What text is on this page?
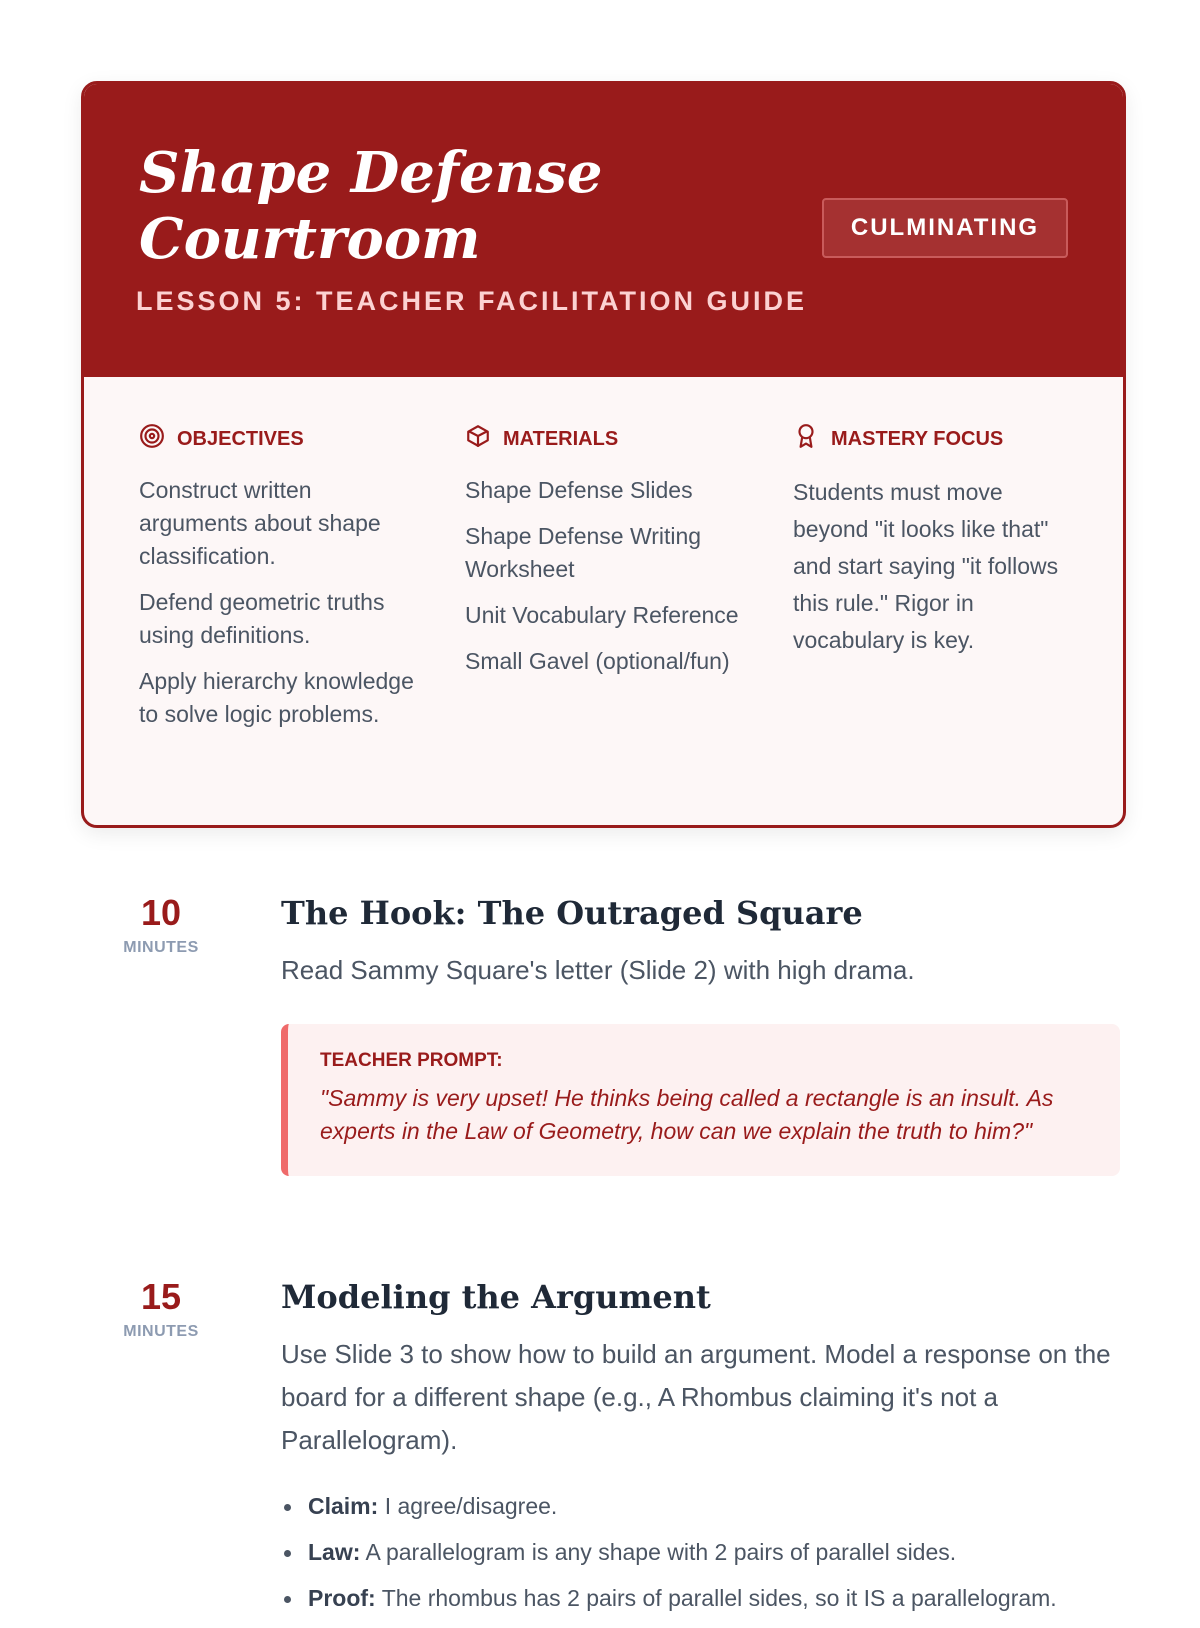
Shape Defense Courtroom
LESSON 5: TEACHER FACILITATION GUIDE
CULMINATING
OBJECTIVES
Construct written arguments about shape classification.
Defend geometric truths using definitions.
Apply hierarchy knowledge to solve logic problems.
MATERIALS
Shape Defense Slides
Shape Defense Writing Worksheet
Unit Vocabulary Reference
Small Gavel (optional/fun)
MASTERY FOCUS

Students must move beyond "it looks like that" and start saying "it follows this rule." Rigor in vocabulary is key.

10
MINUTES
The Hook: The Outraged Square

Read Sammy Square's letter (Slide 2) with high drama.

TEACHER PROMPT:
"Sammy is very upset! He thinks being called a rectangle is an insult. As experts in the Law of Geometry, how can we explain the truth to him?"
15
MINUTES
Modeling the Argument

Use Slide 3 to show how to build an argument. Model a response on the board for a different shape (e.g., A Rhombus claiming it's not a Parallelogram).

Claim: I agree/disagree.
Law: A parallelogram is any shape with 2 pairs of parallel sides.
Proof: The rhombus has 2 pairs of parallel sides, so it IS a parallelogram.
